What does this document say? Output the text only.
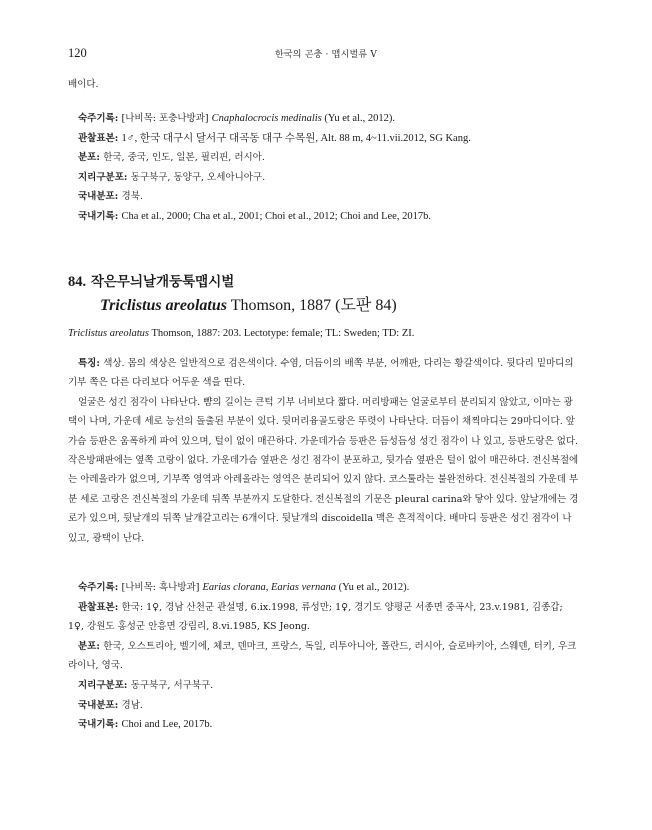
120	한국의 곤충 · 맵시벌류 V

배이다.

숙주기록: [나비목: 포충나방과] Cnaphalocrocis medinalis (Yu et al., 2012).

관찰표본: 1♂, 한국 대구시 달서구 대곡동 대구 수목원, Alt. 88 m, 4~11.vii.2012, SG Kang.

분포: 한국, 중국, 인도, 일본, 필리핀, 러시아.

지리구분포: 동구북구, 동양구, 오세아니아구.

국내분포: 경북.

국내기록: Cha et al., 2000; Cha et al., 2001; Choi et al., 2012; Choi and Lee, 2017b.

84. 작은무늬날개둥툭맵시벌
Triclistus areolatus Thomson, 1887 (도판 84)
Triclistus areolatus Thomson, 1887: 203. Lectotype: female; TL: Sweden; TD: ZI.

특징: 색상. 몸의 색상은 일반적으로 검은색이다. 수염, 더듬이의 배쪽 부분, 어깨판, 다리는 황갈색이다. 뒷다리 밑마디의 기부 쪽은 다른 다리보다 어두운 색을 띤다.

얼굴은 성긴 점각이 나타난다. 뺨의 길이는 큰턱 기부 너비보다 짧다. 머리방패는 얼굴로부터 분리되지 않았고, 이마는 광택이 나며, 가운데 세로 능선의 돌출된 부분이 있다. 뒷머리융골도랑은 뚜렷이 나타난다. 더듬이 채찍마디는 29마디이다. 앞가슴 등판은 움폭하게 파여 있으며, 털이 없이 매끈하다. 가운데가슴 등판은 듬성듬성 성긴 점각이 나 있고, 등판도랑은 없다. 작은방패판에는 옆쪽 고랑이 없다. 가운데가슴 옆판은 성긴 점각이 분포하고, 뒷가슴 옆판은 털이 없이 매끈하다. 전신복절에는 아레올라가 없으며, 기부쪽 영역과 아레올라는 영역은 분리되어 있지 않다. 코스툴라는 불완전하다. 전신복절의 가운데 부분 세로 고랑은 전신복절의 가운데 뒤쪽 부분까지 도달한다. 전신복절의 기문은 pleural carina와 닿아 있다. 앞날개에는 경로가 있으며, 뒷날개의 뒤쪽 날개갈고리는 6개이다. 뒷날개의 discoidella 맥은 흔적적이다. 배마디 등판은 성긴 점각이 나 있고, 광택이 난다.

숙주기록: [나비목: 흑나방과] Earias clorana, Earias vernana (Yu et al., 2012).

관찰표본: 한국: 1♀, 경남 산천군 관설명, 6.ix.1998, 류성만; 1♀, 경기도 양평군 서종면 중곡사, 23.v.1981, 김종갑; 1♀, 강원도 홍성군 안흥면 강림리, 8.vi.1985, KS Jeong.

분포: 한국, 오스트리아, 벨기에, 체코, 덴마크, 프랑스, 독일, 리투아니아, 폴란드, 러시아, 슬로바키아, 스웨덴, 터키, 우크라이나, 영국.

지리구분포: 동구북구, 서구북구.

국내분포: 경남.

국내기록: Choi and Lee, 2017b.
